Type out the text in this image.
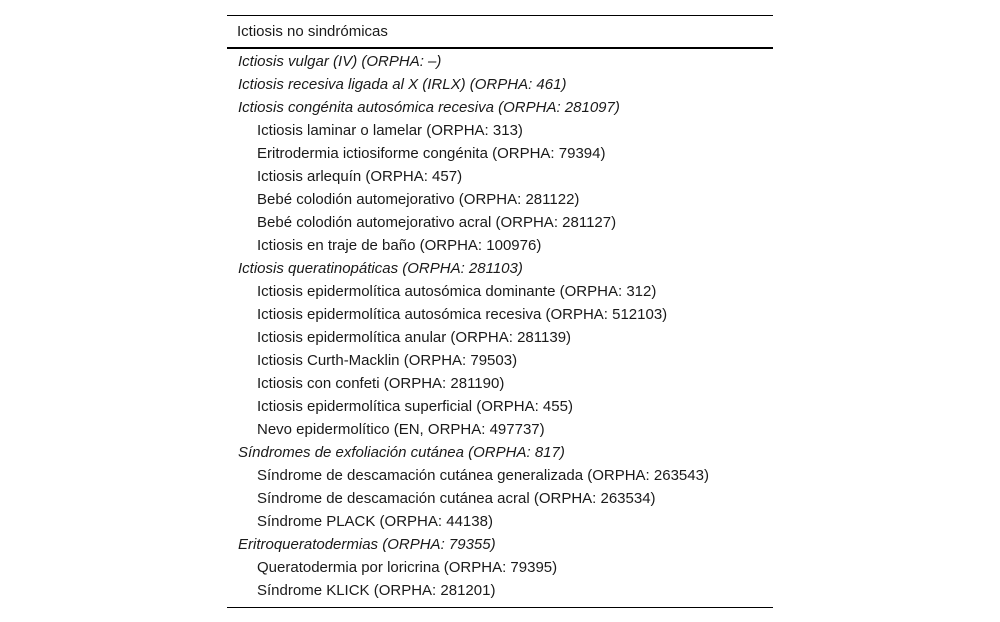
Ictiosis no sindrómicas
Ictiosis vulgar (IV) (ORPHA: –)
Ictiosis recesiva ligada al X (IRLX) (ORPHA: 461)
Ictiosis congénita autosómica recesiva (ORPHA: 281097)
Ictiosis laminar o lamelar (ORPHA: 313)
Eritrodermia ictiosiforme congénita (ORPHA: 79394)
Ictiosis arlequín (ORPHA: 457)
Bebé colodión automejorativo (ORPHA: 281122)
Bebé colodión automejorativo acral (ORPHA: 281127)
Ictiosis en traje de baño (ORPHA: 100976)
Ictiosis queratinopáticas (ORPHA: 281103)
Ictiosis epidermolítica autosómica dominante (ORPHA: 312)
Ictiosis epidermolítica autosómica recesiva (ORPHA: 512103)
Ictiosis epidermolítica anular (ORPHA: 281139)
Ictiosis Curth-Macklin (ORPHA: 79503)
Ictiosis con confeti (ORPHA: 281190)
Ictiosis epidermolítica superficial (ORPHA: 455)
Nevo epidermolítico (EN, ORPHA: 497737)
Síndromes de exfoliación cutánea (ORPHA: 817)
Síndrome de descamación cutánea generalizada (ORPHA: 263543)
Síndrome de descamación cutánea acral (ORPHA: 263534)
Síndrome PLACK (ORPHA: 44138)
Eritroqueratodermias (ORPHA: 79355)
Queratodermia por loricrina (ORPHA: 79395)
Síndrome KLICK (ORPHA: 281201)
